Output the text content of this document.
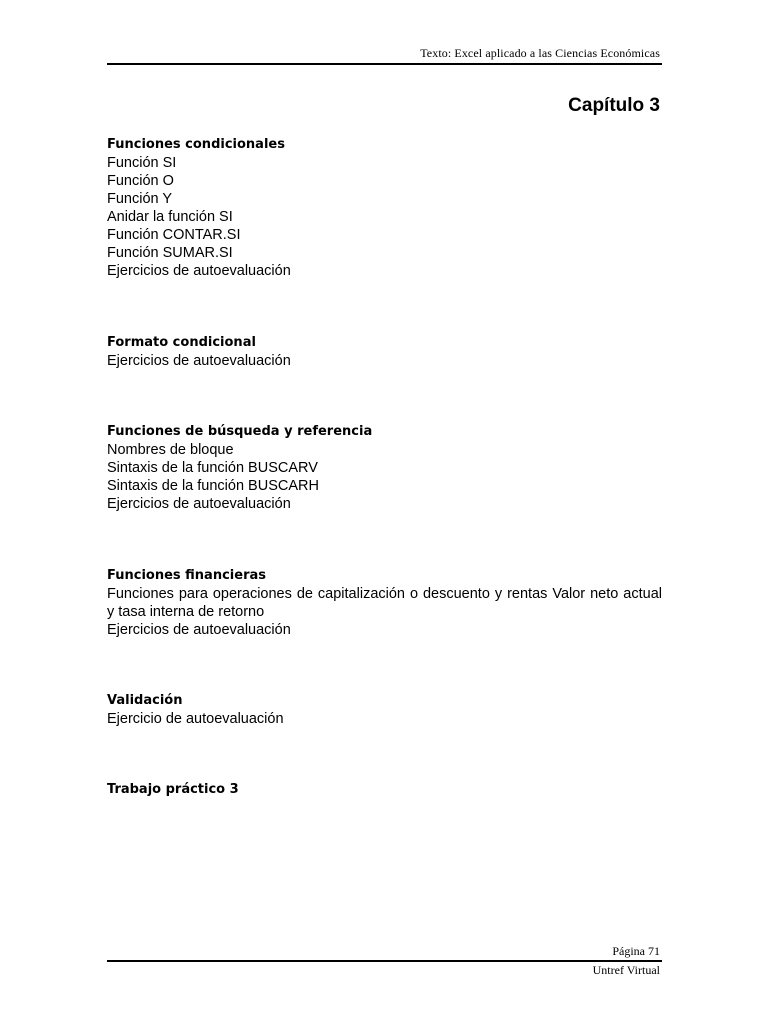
Texto: Excel aplicado a las Ciencias Económicas
Capítulo 3
Funciones condicionales
Función SI
Función O
Función Y
Anidar la función SI
Función CONTAR.SI
Función SUMAR.SI
Ejercicios de autoevaluación
Formato condicional
Ejercicios de autoevaluación
Funciones de búsqueda y referencia
Nombres de bloque
Sintaxis de la función BUSCARV
Sintaxis de la función BUSCARH
Ejercicios de autoevaluación
Funciones financieras
Funciones para operaciones de capitalización o descuento y rentas Valor neto actual y tasa interna de retorno
Ejercicios de autoevaluación
Validación
Ejercicio de autoevaluación
Trabajo práctico 3
Página 71
Untref Virtual
